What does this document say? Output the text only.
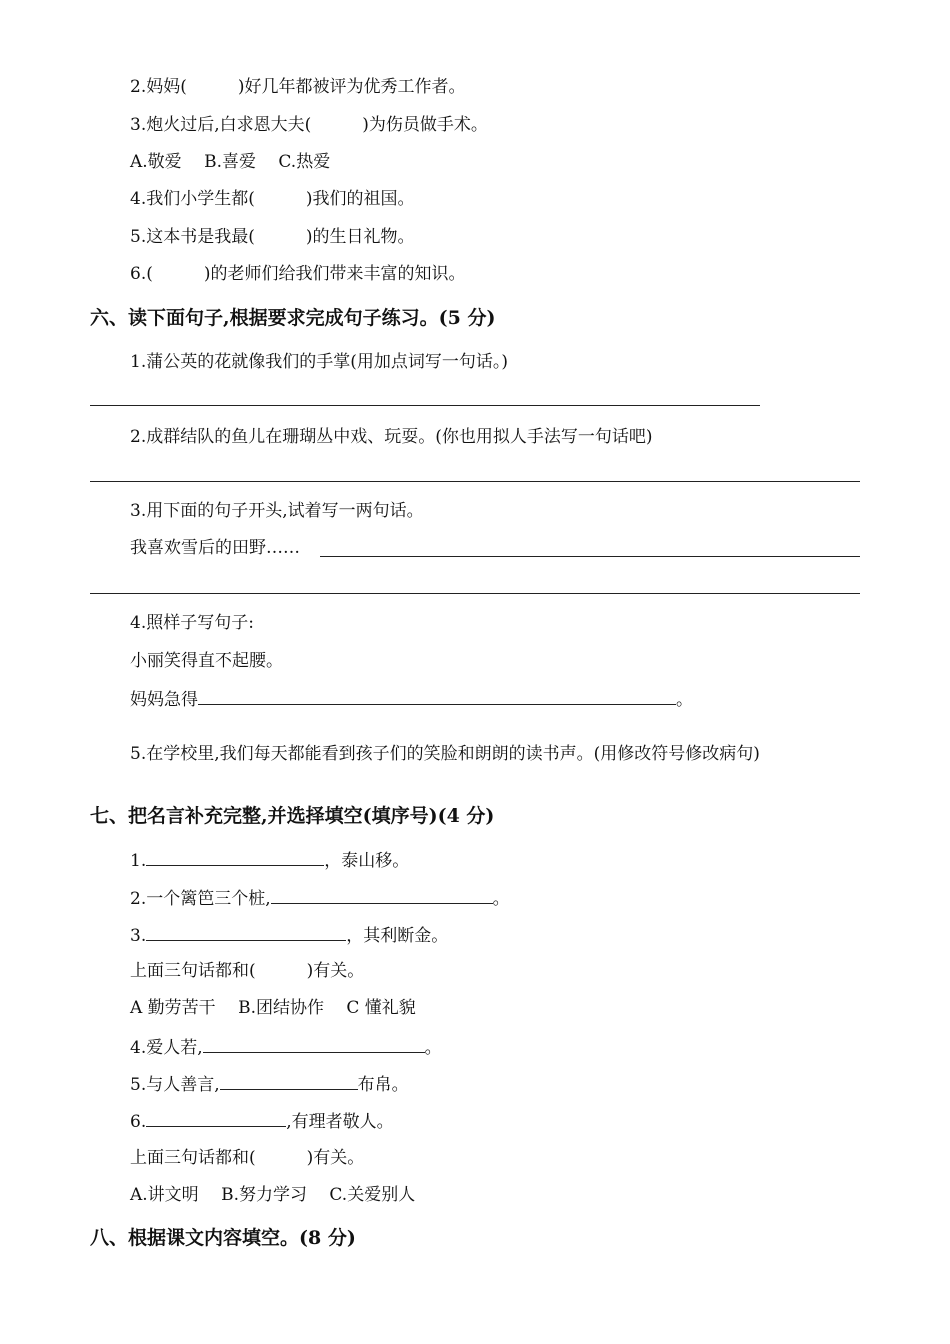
2.妈妈(　　　)好几年都被评为优秀工作者。
3.炮火过后,白求恩大夫(　　　)为伤员做手术。
A.敬爱　 B.喜爱　 C.热爱
4.我们小学生都(　　　)我们的祖国。
5.这本书是我最(　　　)的生日礼物。
6.(　　　)的老师们给我们带来丰富的知识。
六、读下面句子,根据要求完成句子练习。(5 分)
1.蒲公英的花就像我们的手掌(用加点词写一句话。)
2.成群结队的鱼儿在珊瑚丛中戏、玩耍。(你也用拟人手法写一句话吧)
3.用下面的句子开头,试着写一两句话。
我喜欢雪后的田野……
4.照样子写句子:
小丽笑得直不起腰。
妈妈急得	。
5.在学校里,我们每天都能看到孩子们的笑脸和朗朗的读书声。(用修改符号修改病句)
七、把名言补充完整,并选择填空(填序号)(4 分)
1.	，泰山移。
2.一个篱笆三个桩,	。
3.	，其利断金。
上面三句话都和(　　　)有关。
A 勤劳苦干　 B.团结协作　 C 懂礼貌
4.爱人若,	。
5.与人善言,	布帛。
6.	,有理者敬人。
上面三句话都和(　　　)有关。
A.讲文明　 B.努力学习　 C.关爱别人
八、根据课文内容填空。(8 分)
